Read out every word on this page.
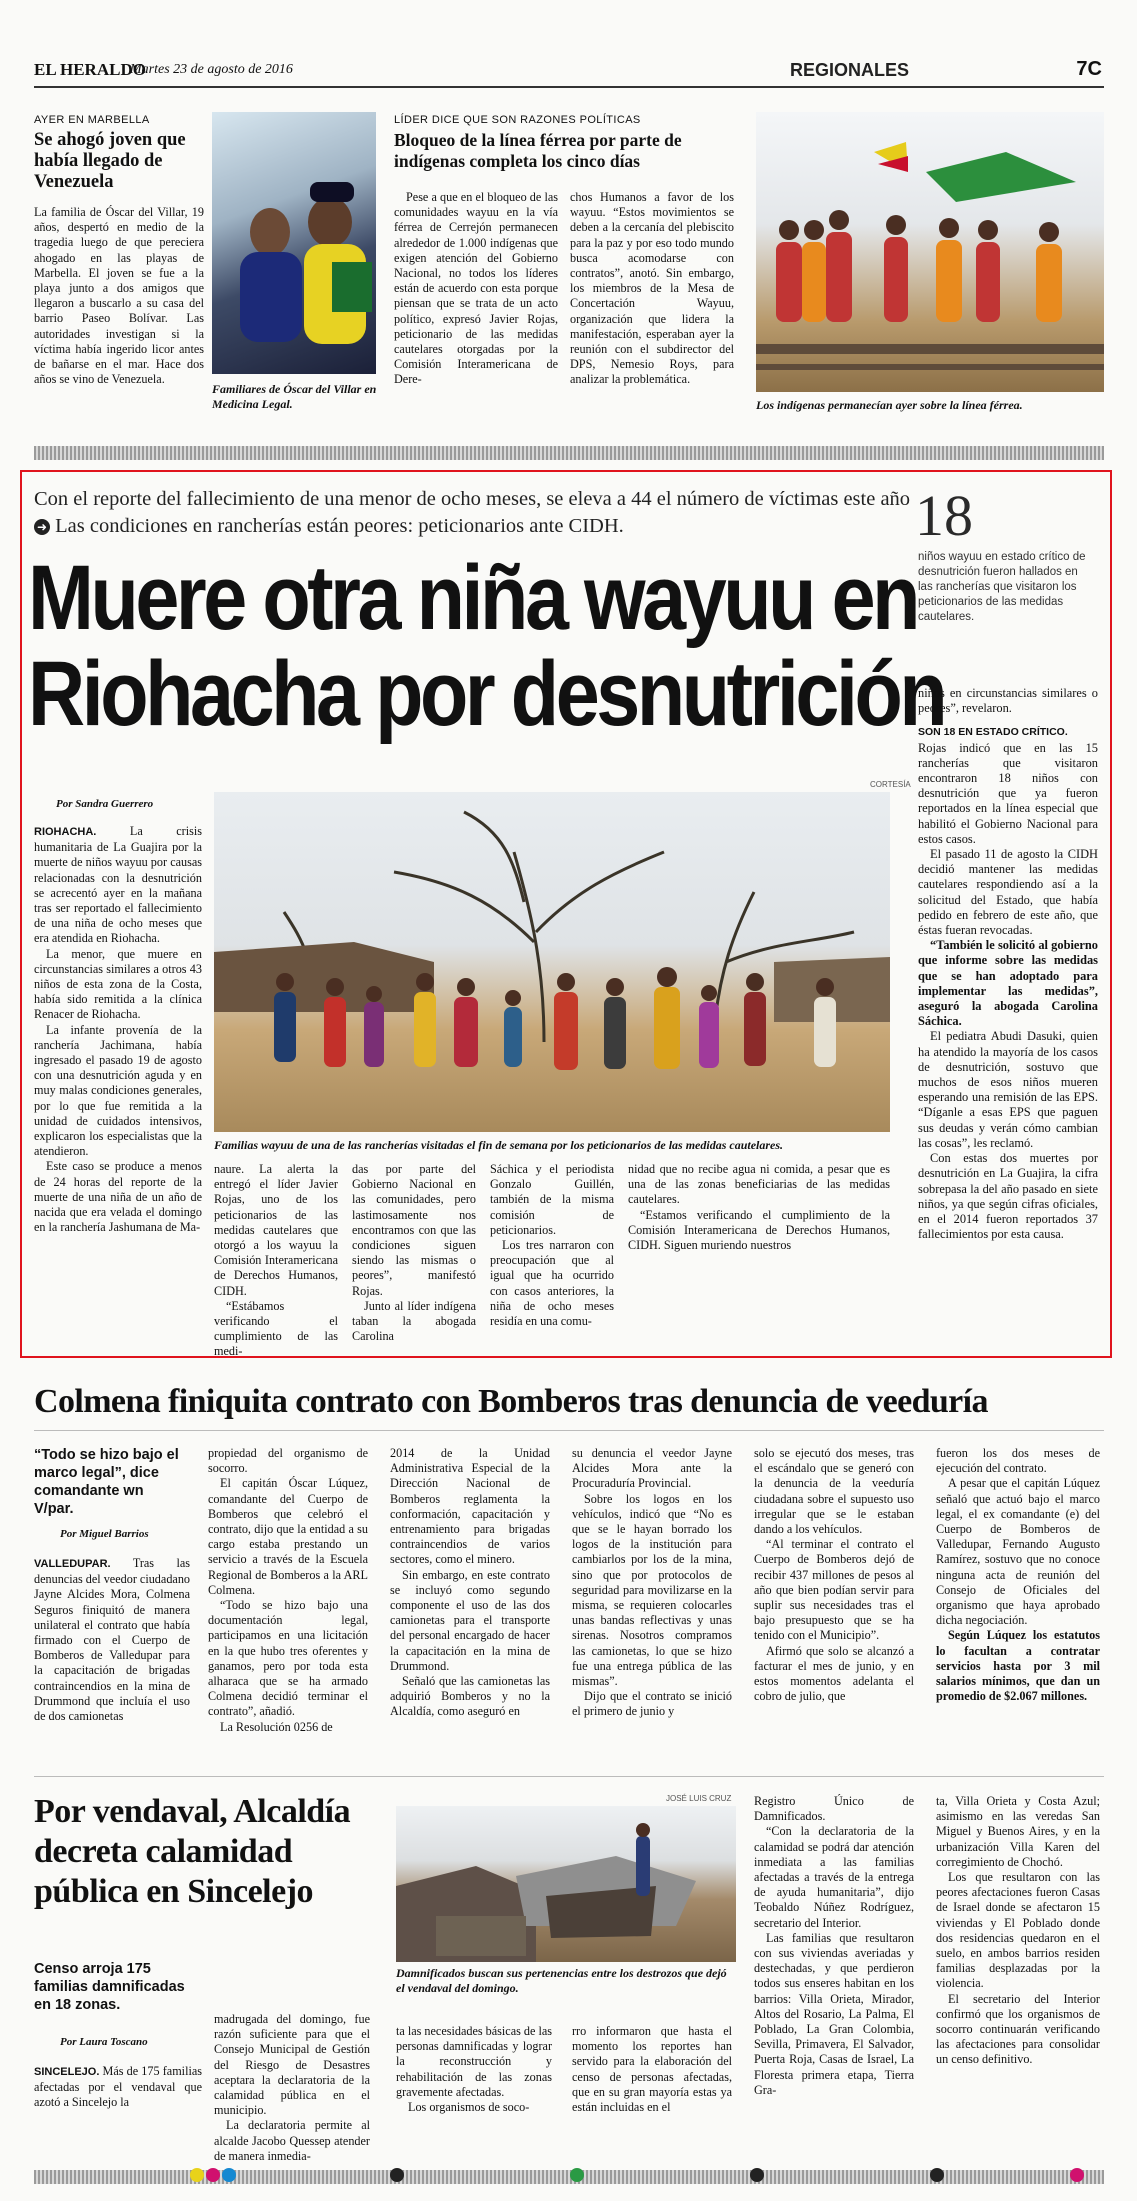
EL HERALDO
Martes 23 de agosto de 2016	REGIONALES	7C
AYER EN MARBELLA
Se ahogó joven que había llegado de Venezuela

La familia de Óscar del Villar, 19 años, despertó en medio de la tragedia luego de que pereciera ahogado en las playas de Marbella. El joven se fue a la playa junto a dos amigos que llegaron a buscarlo a su casa del barrio Paseo Bolívar. Las autoridades investigan si la víctima había ingerido licor antes de bañarse en el mar. Hace dos años se vino de Venezuela.

Familiares de Óscar del Villar en Medicina Legal.

LÍDER DICE QUE SON RAZONES POLÍTICAS
Bloqueo de la línea férrea por parte de indígenas completa los cinco días

Pese a que en el bloqueo de las comunidades wayuu en la vía férrea de Cerrejón permanecen alrededor de 1.000 indígenas que exigen atención del Gobierno Nacional, no todos los líderes están de acuerdo con esta porque piensan que se trata de un acto político, expresó Javier Rojas, peticionario de las medidas cautelares otorgadas por la Comisión Interamericana de Dere-

chos Humanos a favor de los wayuu. “Estos movimientos se deben a la cercanía del plebiscito para la paz y por eso todo mundo busca acomodarse con contratos”, anotó. Sin embargo, los miembros de la Mesa de Concertación Wayuu, organización que lidera la manifestación, esperaban ayer la reunión con el subdirector del DPS, Nemesio Roys, para analizar la problemática.

Los indígenas permanecían ayer sobre la línea férrea.

Con el reporte del fallecimiento de una menor de ocho meses, se eleva a 44 el número de víctimas este año ➜ Las condiciones en rancherías están peores: peticionarios ante CIDH.
Muere otra niña wayuu en
Riohacha por desnutrición
18
niños wayuu en estado crítico de desnutrición fueron hallados en las rancherías que visitaron los peticionarios de las medidas cautelares.
Por Sandra Guerrero
CORTESÍA

RIOHACHA.	La crisis humanitaria de La Guajira por la muerte de niños wayuu por causas relacionadas con la desnutrición se acrecentó ayer en la mañana tras ser reportado el fallecimiento de una niña de ocho meses que era atendida en Riohacha.

La menor, que muere en circunstancias similares a otros 43 niños de esta zona de la Costa, había sido remitida a la clínica Renacer de Riohacha.

La infante provenía de la ranchería Jachimana, había ingresado el pasado 19 de agosto con una desnutrición aguda y en muy malas condiciones generales, por lo que fue remitida a la unidad de cuidados intensivos, explicaron los especialistas que la atendieron.

Este caso se produce a menos de 24 horas del reporte de la muerte de una niña de un año de nacida que era velada el domingo en la ranchería Jashumana de Ma-

Familias wayuu de una de las rancherías visitadas el fin de semana por los peticionarios de las medidas cautelares.

naure. La alerta la entregó el líder Javier Rojas, uno de los peticionarios de las medidas cautelares que otorgó a los wayuu la Comisión Interamericana de Derechos Humanos, CIDH.

“Estábamos verificando el cumplimiento de las medi-

das por parte del Gobierno Nacional en las comunidades, pero lastimosamente nos encontramos con que las condiciones siguen siendo las mismas o peores”, manifestó Rojas.

Junto al líder indígena taban la abogada Carolina

Sáchica y el periodista Gonzalo Guillén, también de la misma comisión de peticionarios.

Los tres narraron con preocupación que al igual que ha ocurrido con casos anteriores, la niña de ocho meses residía en una comu-

nidad que no recibe agua ni comida, a pesar que es una de las zonas beneficiarias de las medidas cautelares.

“Estamos verificando el cumplimiento de la Comisión Interamericana de Derechos Humanos, CIDH. Siguen muriendo nuestros

niños en circunstancias similares o peores”, revelaron.

SON 18 EN ESTADO CRÍTICO.

Rojas indicó que en las 15 rancherías que visitaron encontraron 18 niños con desnutrición que ya fueron reportados en la línea especial que habilitó el Gobierno Nacional para estos casos.

El pasado 11 de agosto la CIDH decidió mantener las medidas cautelares respondiendo así a la solicitud del Estado, que había pedido en febrero de este año, que éstas fueran revocadas.

“También le solicitó al gobierno que informe sobre las medidas que se han adoptado para implementar las medidas”, aseguró la abogada Carolina Sáchica.

El pediatra Abudi Dasuki, quien ha atendido la mayoría de los casos de desnutrición, sostuvo que muchos de esos niños mueren esperando una remisión de las EPS. “Díganle a esas EPS que paguen sus deudas y verán cómo cambian las cosas”, les reclamó.

Con estas dos muertes por desnutrición en La Guajira, la cifra sobrepasa la del año pasado en siete niños, ya que según cifras oficiales, en el 2014 fueron reportados 37 fallecimientos por esta causa.

Colmena finiquita contrato con Bomberos tras denuncia de veeduría
“Todo se hizo bajo el marco legal”, dice comandante wn V/par.
Por Miguel Barrios

VALLEDUPAR. Tras las denuncias del veedor ciudadano Jayne Alcides Mora, Colmena Seguros finiquitó de manera unilateral el contrato que había firmado con el Cuerpo de Bomberos de Valledupar para la capacitación de brigadas contraincendios en la mina de Drummond que incluía el uso de dos camionetas

propiedad del organismo de socorro.

El capitán Óscar Lúquez, comandante del Cuerpo de Bomberos que celebró el contrato, dijo que la entidad a su cargo estaba prestando un servicio a través de la Escuela Regional de Bomberos a la ARL Colmena.

“Todo se hizo bajo una documentación legal, participamos en una licitación en la que hubo tres oferentes y ganamos, pero por toda esta alharaca que se ha armado Colmena decidió terminar el contrato”, añadió.

La Resolución 0256 de

2014 de la Unidad Administrativa Especial de la Dirección Nacional de Bomberos reglamenta la conformación, capacitación y entrenamiento para brigadas contraincendios de varios sectores, como el minero.

Sin embargo, en este contrato se incluyó como segundo componente el uso de las dos camionetas para el transporte del personal encargado de hacer la capacitación en la mina de Drummond.

Señaló que las camionetas las adquirió Bomberos y no la Alcaldía, como aseguró en

su denuncia el veedor Jayne Alcides Mora ante la Procuraduría Provincial.

Sobre los logos en los vehículos, indicó que “No es que se le hayan borrado los logos de la institución para cambiarlos por los de la mina, sino que por protocolos de seguridad para movilizarse en la misma, se requieren colocarles unas bandas reflectivas y unas sirenas. Nosotros compramos las camionetas, lo que se hizo fue una entrega pública de las mismas”.

Dijo que el contrato se inició el primero de junio y

solo se ejecutó dos meses, tras el escándalo que se generó con la denuncia de la veeduría ciudadana sobre el supuesto uso irregular que se le estaban dando a los vehículos.

“Al terminar el contrato el Cuerpo de Bomberos dejó de recibir 437 millones de pesos al año que bien podían servir para suplir sus necesidades tras el bajo presupuesto que se ha tenido con el Municipio”.

Afirmó que solo se alcanzó a facturar el mes de junio, y en estos momentos adelanta el cobro de julio, que

fueron los dos meses de ejecución del contrato.

A pesar que el capitán Lúquez señaló que actuó bajo el marco legal, el ex comandante (e) del Cuerpo de Bomberos de Valledupar, Fernando Augusto Ramírez, sostuvo que no conoce ninguna acta de reunión del Consejo de Oficiales del organismo que haya aprobado dicha negociación.

Según Lúquez los estatutos lo facultan a contratar servicios hasta por 3 mil salarios mínimos, que dan un promedio de $2.067 millones.

Por vendaval, Alcaldía decreta calamidad pública en Sincelejo
Censo arroja 175 familias damnificadas en 18 zonas.
Por Laura Toscano

SINCELEJO. Más de 175 familias afectadas por el vendaval que azotó a Sincelejo la

JOSÉ LUIS CRUZ

Damnificados buscan sus pertenencias entre los destrozos que dejó el vendaval del domingo.

madrugada del domingo, fue razón suficiente para que el Consejo Municipal de Gestión del Riesgo de Desastres aceptara la declaratoria de la calamidad pública en el municipio.

La declaratoria permite al alcalde Jacobo Quessep atender de manera inmedia-

ta las necesidades básicas de las personas damnificadas y lograr la reconstrucción y rehabilitación de las zonas gravemente afectadas.

Los organismos de soco-

rro informaron que hasta el momento los reportes han servido para la elaboración del censo de personas afectadas, que en su gran mayoría estas ya están incluidas en el

Registro Único de Damnificados.

“Con la declaratoria de la calamidad se podrá dar atención inmediata a las familias afectadas a través de la entrega de ayuda humanitaria”, dijo Teobaldo Núñez Rodríguez, secretario del Interior.

Las familias que resultaron con sus viviendas averiadas y destechadas, y que perdieron todos sus enseres habitan en los barrios: Villa Orieta, Mirador, Altos del Rosario, La Palma, El Poblado, La Gran Colombia, Sevilla, Primavera, El Salvador, Puerta Roja, Casas de Israel, La Floresta primera etapa, Tierra Gra-

ta, Villa Orieta y Costa Azul; asimismo en las veredas San Miguel y Buenos Aires, y en la urbanización Villa Karen del corregimiento de Chochó.

Los que resultaron con las peores afectaciones fueron Casas de Israel donde se afectaron 15 viviendas y El Poblado donde dos residencias quedaron en el suelo, en ambos barrios residen familias desplazadas por la violencia.

El secretario del Interior confirmó que los organismos de socorro continuarán verificando las afectaciones para consolidar un censo definitivo.
